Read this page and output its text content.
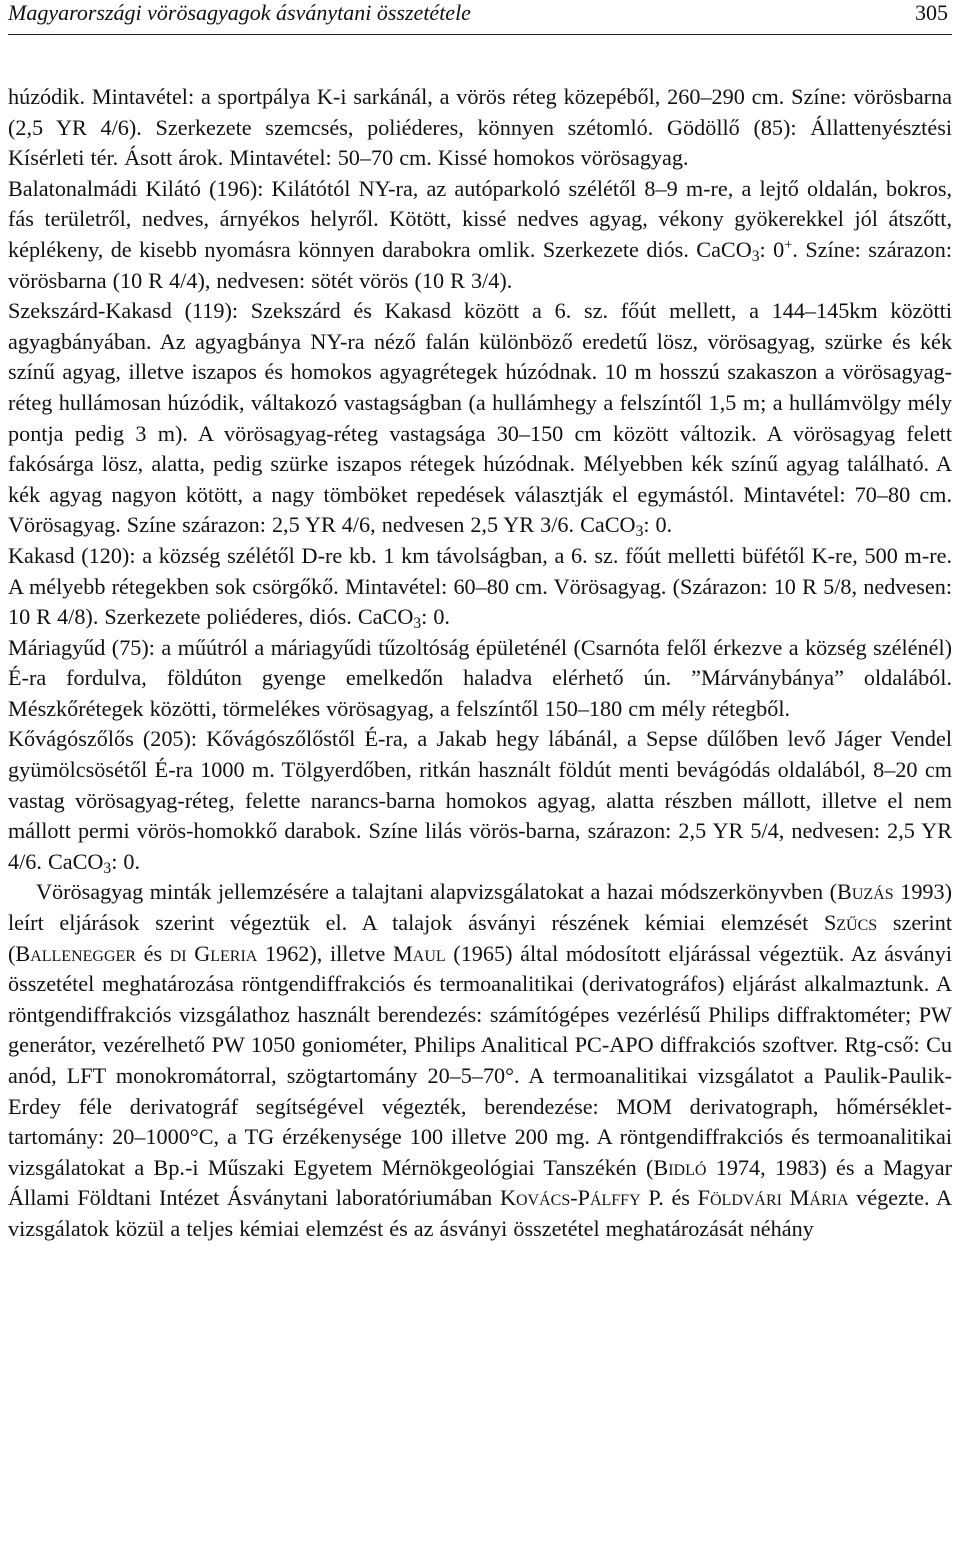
Magyarországi vörösagyagok ásványtani összetétele	305

húzódik. Mintavétel: a sportpálya K-i sarkánál, a vörös réteg közepéből, 260–290 cm. Színe: vörösbarna (2,5 YR 4/6). Szerkezete szemcsés, poliéderes, könnyen szétomló. Gödöllő (85): Állattenyésztési Kísérleti tér. Ásott árok. Mintavétel: 50–70 cm. Kissé homokos vörösagyag.

Balatonalmádi Kilátó (196): Kilátótól NY-ra, az autóparkoló szélétől 8–9 m-re, a lejtő oldalán, bokros, fás területről, nedves, árnyékos helyről. Kötött, kissé nedves agyag, vékony gyökerekkel jól átszőtt, képlékeny, de kisebb nyomásra könnyen darabokra omlik. Szerkezete diós. CaCO$_3$: 0+. Színe: szárazon: vörösbarna (10 R 4/4), nedvesen: sötét vörös (10 R 3/4).

Szekszárd-Kakasd (119): Szekszárd és Kakasd között a 6. sz. főút mellett, a 144–145km közötti agyagbányában. Az agyagbánya NY-ra néző falán különböző eredetű lösz, vörösagyag, szürke és kék színű agyag, illetve iszapos és homokos agyagrétegek húzódnak. 10 m hosszú szakaszon a vörösagyag-réteg hullámosan húzódik, váltakozó vastagságban (a hullámhegy a felszíntől 1,5 m; a hullámvölgy mély pontja pedig 3 m). A vörösagyag-réteg vastagsága 30–150 cm között változik. A vörösagyag felett fakósárga lösz, alatta, pedig szürke iszapos rétegek húzódnak. Mélyebben kék színű agyag található. A kék agyag nagyon kötött, a nagy tömböket repedések választják el egymástól. Mintavétel: 70–80 cm. Vörösagyag. Színe szárazon: 2,5 YR 4/6, nedvesen 2,5 YR 3/6. CaCO$_3$: 0.

Kakasd (120): a község szélétől D-re kb. 1 km távolságban, a 6. sz. főút melletti büfétől K-re, 500 m-re. A mélyebb rétegekben sok csörgőkő. Mintavétel: 60–80 cm. Vörösagyag. (Szárazon: 10 R 5/8, nedvesen: 10 R 4/8). Szerkezete poliéderes, diós. CaCO$_3$: 0.

Máriagyűd (75): a műútról a máriagyűdi tűzoltóság épületénél (Csarnóta felől érkezve a község szélénél) É-ra fordulva, földúton gyenge emelkedőn haladva elérhető ún. ”Márványbánya” oldalából. Mészkőrétegek közötti, törmelékes vörösagyag, a felszíntől 150–180 cm mély rétegből.

Kővágószőlős (205): Kővágószőlőstől É-ra, a Jakab hegy lábánál, a Sepse dűlőben levő Jáger Vendel gyümölcsösétől É-ra 1000 m. Tölgyerdőben, ritkán használt földút menti bevágódás oldalából, 8–20 cm vastag vörösagyag-réteg, felette narancs-barna homokos agyag, alatta részben mállott, illetve el nem mállott permi vörös-homokkő darabok. Színe lilás vörös-barna, szárazon: 2,5 YR 5/4, nedvesen: 2,5 YR 4/6. CaCO$_3$: 0.

Vörösagyag minták jellemzésére a talajtani alapvizsgálatokat a hazai módszerkönyvben (Buzás 1993) leírt eljárások szerint végeztük el. A talajok ásványi részének kémiai elemzését Szűcs szerint (Ballenegger és di Gleria 1962), illetve Maul (1965) által módosított eljárással végeztük. Az ásványi összetétel meghatározása röntgendiffrakciós és termoanalitikai (derivatográfos) eljárást alkalmaztunk. A röntgendiffrakciós vizsgálathoz használt berendezés: számítógépes vezérlésű Philips diffraktométer; PW generátor, vezérelhető PW 1050 goniométer, Philips Analitical PC-APO diffrakciós szoftver. Rtg-cső: Cu anód, LFT monokromátorral, szögtartomány 20–5–70°. A termoanalitikai vizsgálatot a Paulik-Paulik-Erdey féle derivatográf segítségével végezték, berendezése: MOM derivatograph, hőmérséklet-tartomány: 20–1000°C, a TG érzékenysége 100 illetve 200 mg. A röntgendiffrakciós és termoanalitikai vizsgálatokat a Bp.-i Műszaki Egyetem Mérnökgeológiai Tanszékén (Bidló 1974, 1983) és a Magyar Állami Földtani Intézet Ásványtani laboratóriumában Kovács-Pálffy P. és Földvári Mária végezte. A vizsgálatok közül a teljes kémiai elemzést és az ásványi összetétel meghatározását néhány
